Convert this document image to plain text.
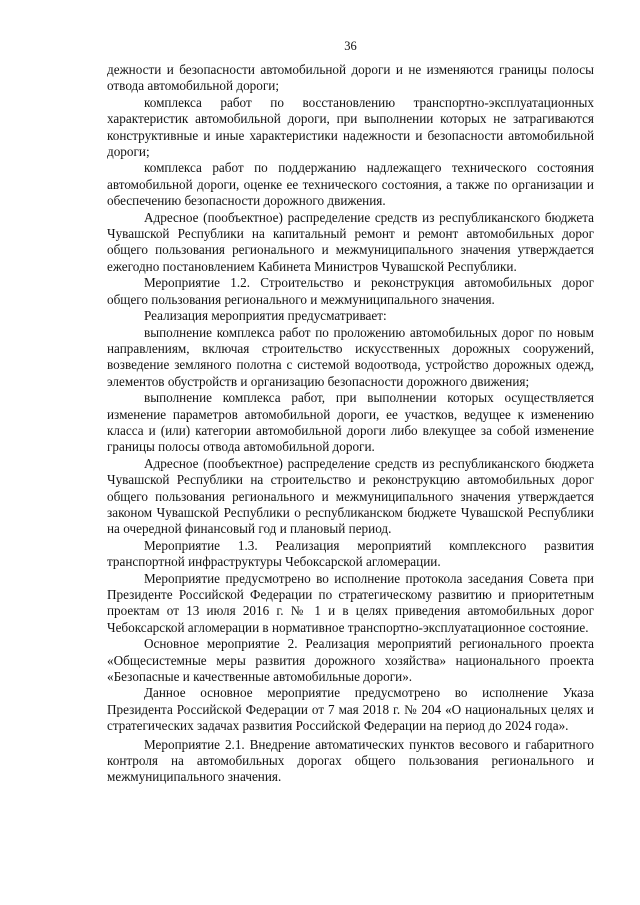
36

дежности и безопасности автомобильной дороги и не изменяются границы полосы отвода автомобильной дороги;

комплекса работ по восстановлению транспортно-эксплуатационных характеристик автомобильной дороги, при выполнении которых не затрагиваются конструктивные и иные характеристики надежности и безопасности автомобильной дороги;

комплекса работ по поддержанию надлежащего технического состояния автомобильной дороги, оценке ее технического состояния, а также по организации и обеспечению безопасности дорожного движения.

Адресное (пообъектное) распределение средств из республиканского бюджета Чувашской Республики на капитальный ремонт и ремонт автомобильных дорог общего пользования регионального и межмуниципального значения утверждается ежегодно постановлением Кабинета Министров Чувашской Республики.

Мероприятие 1.2. Строительство и реконструкция автомобильных дорог общего пользования регионального и межмуниципального значения.

Реализация мероприятия предусматривает:

выполнение комплекса работ по проложению автомобильных дорог по новым направлениям, включая строительство искусственных дорожных сооружений, возведение земляного полотна с системой водоотвода, устройство дорожных одежд, элементов обустройств и организацию безопасности дорожного движения;

выполнение комплекса работ, при выполнении которых осуществляется изменение параметров автомобильной дороги, ее участков, ведущее к изменению класса и (или) категории автомобильной дороги либо влекущее за собой изменение границы полосы отвода автомобильной дороги.

Адресное (пообъектное) распределение средств из республиканского бюджета Чувашской Республики на строительство и реконструкцию автомобильных дорог общего пользования регионального и межмуниципального значения утверждается законом Чувашской Республики о республиканском бюджете Чувашской Республики на очередной финансовый год и плановый период.

Мероприятие 1.3. Реализация мероприятий комплексного развития транспортной инфраструктуры Чебоксарской агломерации.

Мероприятие предусмотрено во исполнение протокола заседания Совета при Президенте Российской Федерации по стратегическому развитию и приоритетным проектам от 13 июля 2016 г. № 1 и в целях приведения автомобильных дорог Чебоксарской агломерации в нормативное транспортно-эксплуатационное состояние.

Основное мероприятие 2. Реализация мероприятий регионального проекта «Общесистемные меры развития дорожного хозяйства» национального проекта «Безопасные и качественные автомобильные дороги».

Данное основное мероприятие предусмотрено во исполнение Указа Президента Российской Федерации от 7 мая 2018 г. № 204 «О национальных целях и стратегических задачах развития Российской Федерации на период до 2024 года».

Мероприятие 2.1. Внедрение автоматических пунктов весового и габаритного контроля на автомобильных дорогах общего пользования регионального и межмуниципального значения.
